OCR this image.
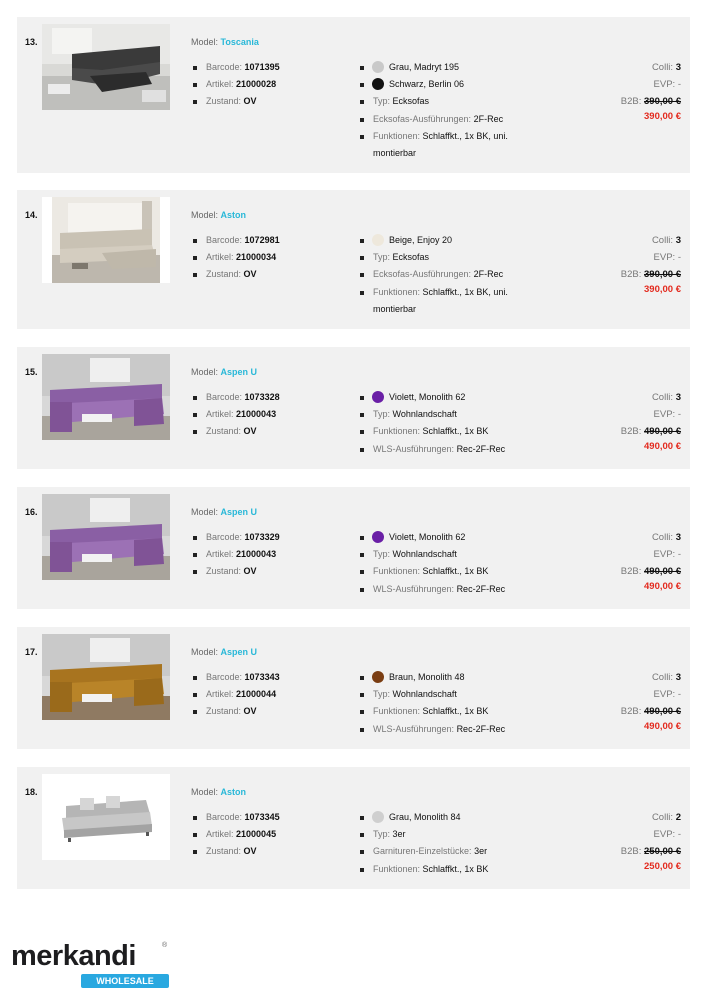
13.	Model: Toscania
Barcode: 1071395
Artikel: 21000028
Zustand: OV
Grau, Madryt 195
Schwarz, Berlin 06
Typ: Ecksofas
Ecksofas-Ausführungen: 2F-Rec
Funktionen: Schlaffkt., 1x BK, uni. montierbar
Colli: 3
EVP: -
B2B: 390,00 €
390,00 €
14.	Model: Aston
Barcode: 1072981
Artikel: 21000034
Zustand: OV
Beige, Enjoy 20
Typ: Ecksofas
Ecksofas-Ausführungen: 2F-Rec
Funktionen: Schlaffkt., 1x BK, uni. montierbar
Colli: 3
EVP: -
B2B: 390,00 €
390,00 €
15.	Model: Aspen U
Barcode: 1073328
Artikel: 21000043
Zustand: OV
Violett, Monolith 62
Typ: Wohnlandschaft
Funktionen: Schlaffkt., 1x BK
WLS-Ausführungen: Rec-2F-Rec
Colli: 3
EVP: -
B2B: 490,00 €
490,00 €
16.	Model: Aspen U
Barcode: 1073329
Artikel: 21000043
Zustand: OV
Violett, Monolith 62
Typ: Wohnlandschaft
Funktionen: Schlaffkt., 1x BK
WLS-Ausführungen: Rec-2F-Rec
Colli: 3
EVP: -
B2B: 490,00 €
490,00 €
17.	Model: Aspen U
Barcode: 1073343
Artikel: 21000044
Zustand: OV
Braun, Monolith 48
Typ: Wohnlandschaft
Funktionen: Schlaffkt., 1x BK
WLS-Ausführungen: Rec-2F-Rec
Colli: 3
EVP: -
B2B: 490,00 €
490,00 €
18.	Model: Aston
Barcode: 1073345
Artikel: 21000045
Zustand: OV
Grau, Monolith 84
Typ: 3er
Garnituren-Einzelstücke: 3er
Funktionen: Schlaffkt., 1x BK
Colli: 2
EVP: -
B2B: 250,00 €
250,00 €
merkandi	®
WHOLESALE
